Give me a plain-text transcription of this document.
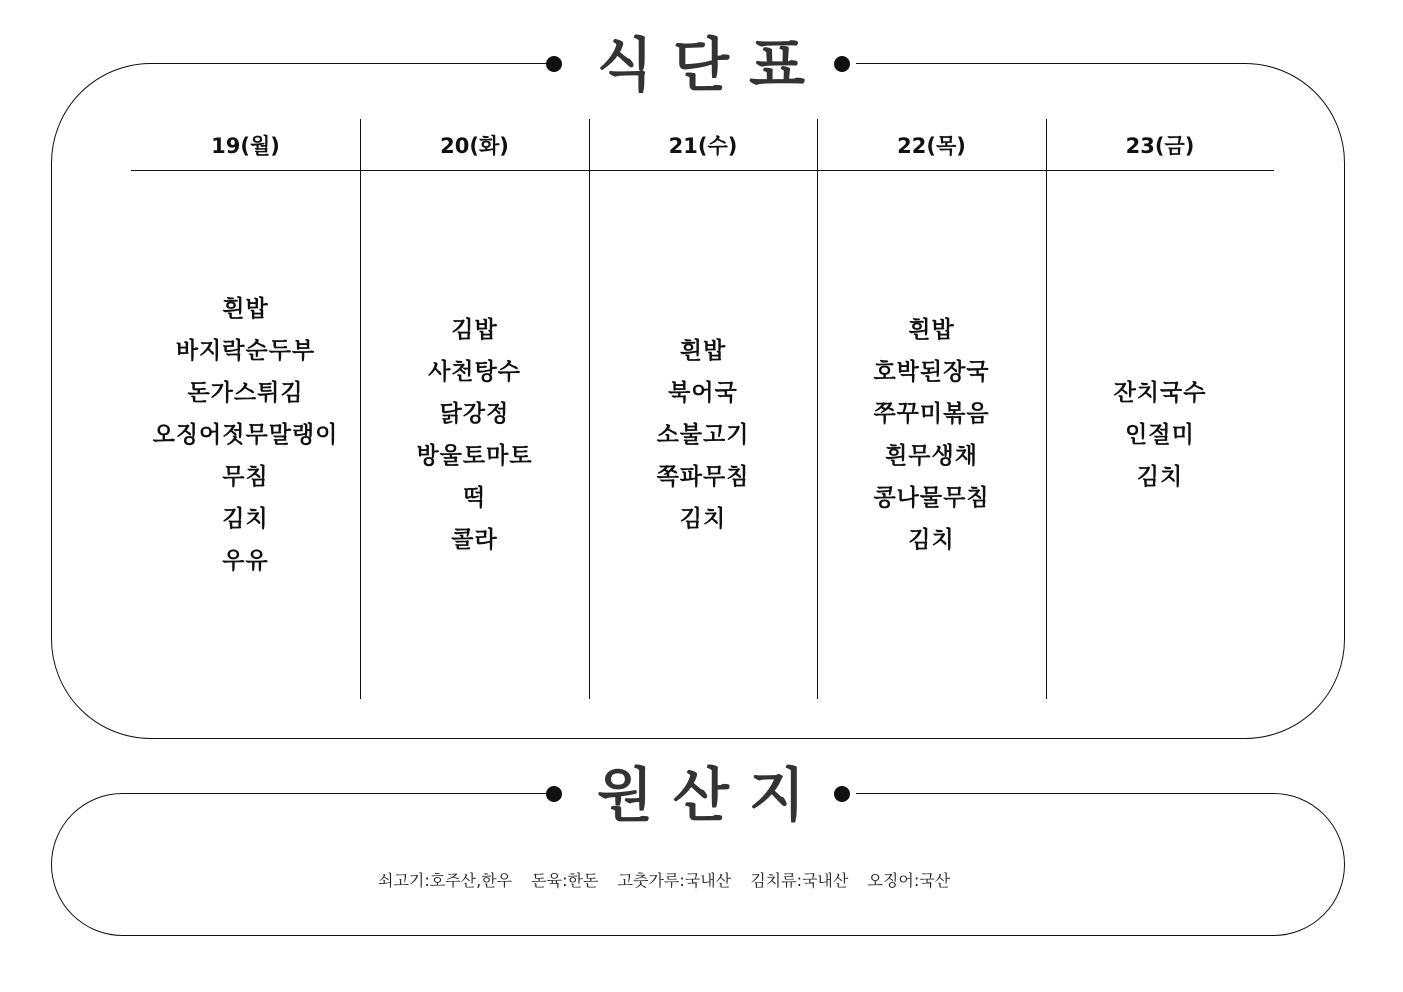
식단표
19(월)
흰밥
바지락순두부
돈가스튀김
오징어젓무말랭이
무침
김치
우유
20(화)
김밥
사천탕수
닭강정
방울토마토
떡
콜라
21(수)
흰밥
북어국
소불고기
쪽파무침
김치
22(목)
흰밥
호박된장국
쭈꾸미볶음
흰무생채
콩나물무침
김치
23(금)
잔치국수
인절미
김치
원산지
쇠고기:호주산,한우 돈육:한돈 고춧가루:국내산 김치류:국내산 오징어:국산
